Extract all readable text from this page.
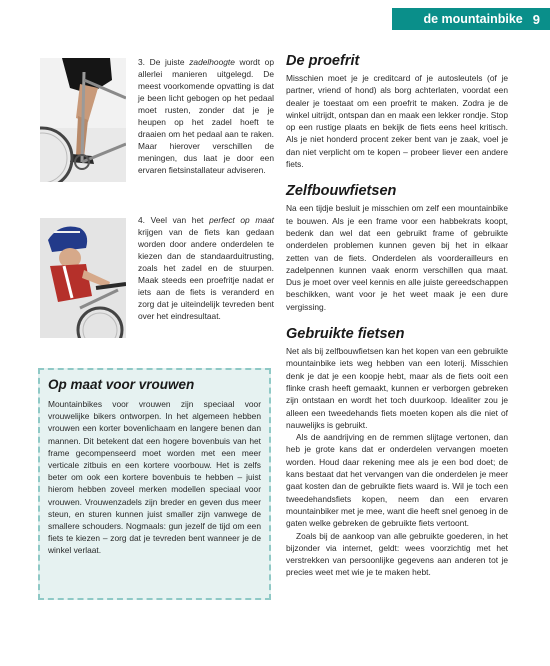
de mountainbike 9

3. De juiste zadelhoogte wordt op allerlei manieren uitgelegd. De meest voorkomende opvatting is dat je been licht gebogen op het pedaal moet rusten, zonder dat je je heupen op het zadel hoeft te draaien om het pedaal aan te raken. Maar hierover verschillen de meningen, dus laat je door een ervaren fietsinstallateur adviseren.

4. Veel van het perfect op maat krijgen van de fiets kan gedaan worden door andere onderdelen te kiezen dan de standaarduitrusting, zoals het zadel en de stuurpen. Maak steeds een proefritje nadat er iets aan de fiets is veranderd en zorg dat je uiteindelijk tevreden bent over het eindresultaat.

De proefrit

Misschien moet je je creditcard of je autosleutels (of je partner, vriend of hond) als borg achterlaten, voordat een dealer je toestaat om een proefrit te maken. Zodra je de winkel uitrijdt, ontspan dan en maak een lekker rondje. Stop op een rustige plaats en bekijk de fiets eens heel kritisch. Als je niet honderd procent zeker bent van je zaak, voel je dan niet verplicht om te kopen – probeer liever een andere fiets.

Zelfbouwfietsen

Na een tijdje besluit je misschien om zelf een mountainbike te bouwen. Als je een frame voor een habbekrats koopt, bedenk dan wel dat een gebruikt frame of gebruikte onderdelen problemen kunnen geven bij het in elkaar zetten van de fiets. Onderdelen als voorderailleurs en zadelpennen kunnen vaak enorm verschillen qua maat. Dus je moet over veel kennis en alle juiste gereedschappen beschikken, want voor je het weet maak je een dure vergissing.

Gebruikte fietsen

Net als bij zelfbouwfietsen kan het kopen van een gebruikte mountainbike iets weg hebben van een loterij. Misschien denk je dat je een koopje hebt, maar als de fiets ooit een flinke crash heeft gemaakt, kunnen er verborgen gebreken zijn ontstaan en wordt het toch duurkoop. Idealiter zou je alleen een tweedehands fiets moeten kopen als die niet of nauwelijks is gebruikt.

Als de aandrijving en de remmen slijtage vertonen, dan heb je grote kans dat er onderdelen vervangen moeten worden. Houd daar rekening mee als je een bod doet; de kans bestaat dat het vervangen van die onderdelen je meer gaat kosten dan de gebruikte fiets waard is. Wil je toch een tweedehandsfiets kopen, neem dan een ervaren mountainbiker met je mee, want die heeft snel genoeg in de gaten welke gebreken de gebruikte fiets vertoont.

Zoals bij de aankoop van alle gebruikte goederen, in het bijzonder via internet, geldt: wees voorzichtig met het verstrekken van persoonlijke gegevens aan anderen tot je precies weet met wie je te maken hebt.

Op maat voor vrouwen

Mountainbikes voor vrouwen zijn speciaal voor vrouwelijke bikers ontworpen. In het algemeen hebben vrouwen een korter bovenlichaam en langere benen dan mannen. Dit betekent dat een hogere bovenbuis van het frame gecompenseerd moet worden met een meer verticale zitbuis en een kortere voorbouw. Het is zelfs beter om ook een kortere bovenbuis te hebben – juist hierom hebben zoveel merken modellen speciaal voor vrouwen. Vrouwenzadels zijn breder en geven dus meer steun, en sturen kunnen juist smaller zijn vanwege de smallere schouders. Nogmaals: gun jezelf de tijd om een fiets te kiezen – zorg dat je tevreden bent wanneer je de winkel verlaat.
